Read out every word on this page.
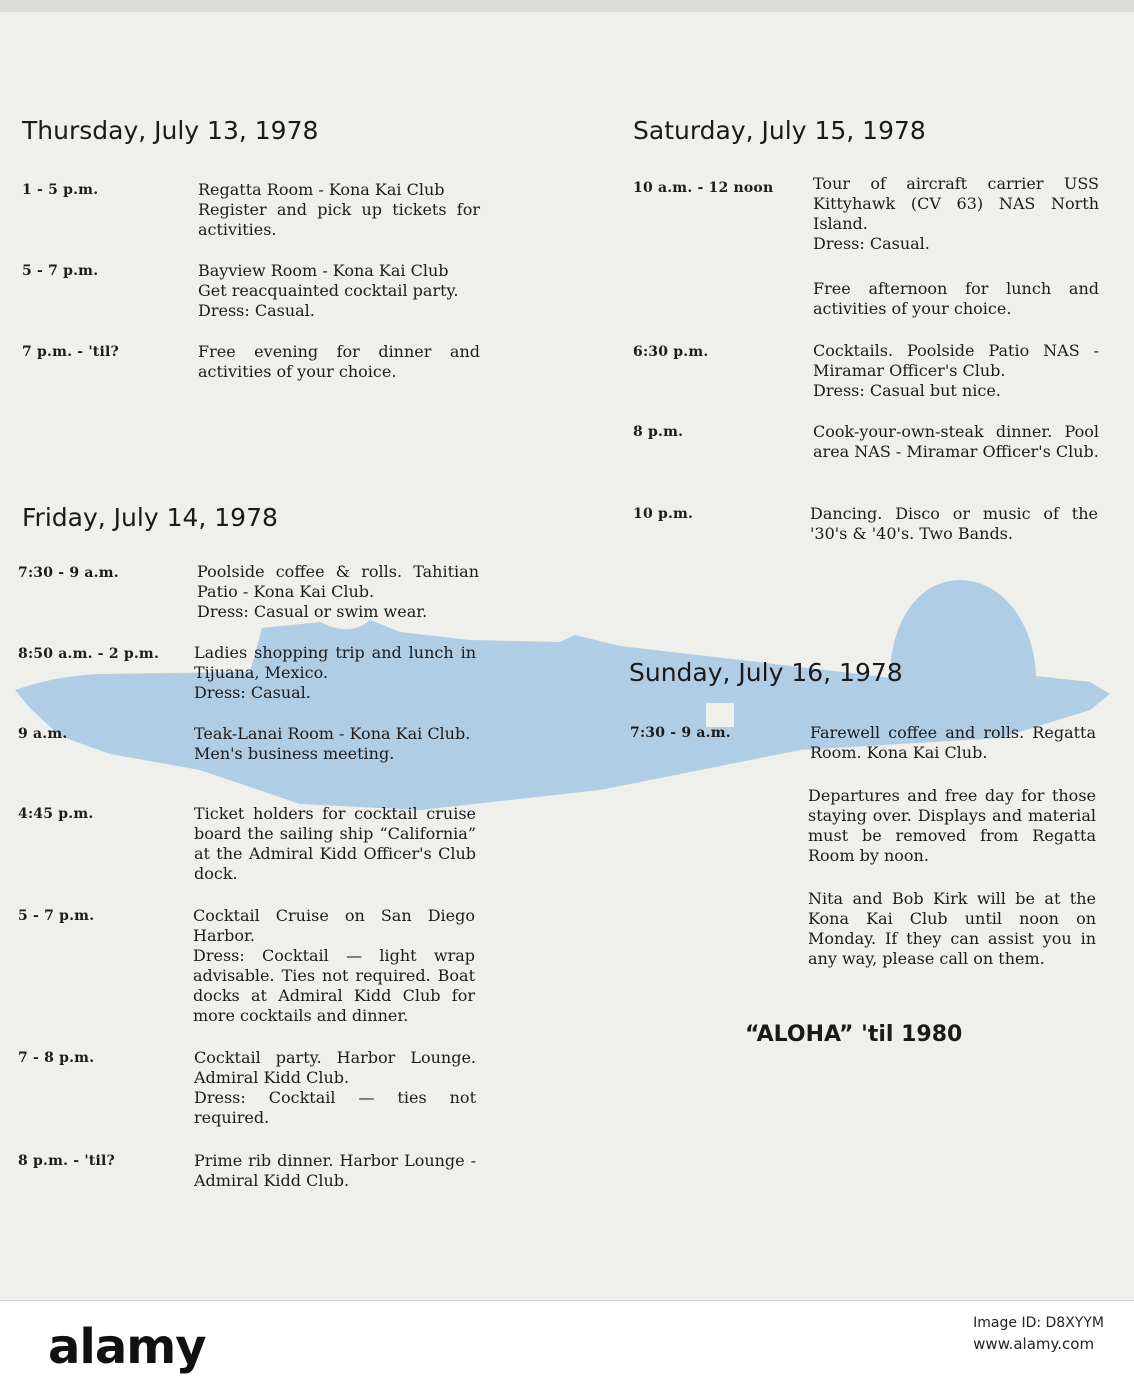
Thursday, July 13, 1978
1 - 5 p.m.	Regatta Room - Kona Kai Club

Register and pick up tickets for activities.

5 - 7 p.m.	Bayview Room - Kona Kai Club

Get reacquainted cocktail party.

Dress: Casual.

7 p.m. - 'til?	Free evening for dinner and activities of your choice.

Friday, July 14, 1978
7:30 - 9 a.m.	Poolside coffee & rolls. Tahitian Patio - Kona Kai Club.

Dress: Casual or swim wear.

8:50 a.m. - 2 p.m. Ladies shopping trip and lunch in Tijuana, Mexico.

Dress: Casual.

9 a.m.	Teak-Lanai Room - Kona Kai Club.

Men's business meeting.

4:45 p.m.	Ticket holders for cocktail cruise board the sailing ship “California” at the Admiral Kidd Officer's Club dock.

5 - 7 p.m.	Cocktail Cruise on San Diego Harbor.

Dress: Cocktail — light wrap advisable. Ties not required. Boat docks at Admiral Kidd Club for more cocktails and dinner.

7 - 8 p.m.	Cocktail party. Harbor Lounge. Admiral Kidd Club.

Dress: Cocktail — ties not required.

8 p.m. - 'til?	Prime rib dinner. Harbor Lounge - Admiral Kidd Club.

Saturday, July 15, 1978
10 a.m. - 12 noon Tour of aircraft carrier USS Kittyhawk (CV 63) NAS North Island.

Dress: Casual.

Free afternoon for lunch and activities of your choice.

6:30 p.m.	Cocktails. Poolside Patio NAS - Miramar Officer's Club.

Dress: Casual but nice.

8 p.m.	Cook-your-own-steak dinner. Pool area NAS - Miramar Officer's Club.

10 p.m.	Dancing. Disco or music of the '30's & '40's. Two Bands.

Sunday, July 16, 1978
7:30 - 9 a.m.	Farewell coffee and rolls. Regatta Room. Kona Kai Club.

Departures and free day for those staying over. Displays and material must be removed from Regatta Room by noon.

Nita and Bob Kirk will be at the Kona Kai Club until noon on Monday. If they can assist you in any way, please call on them.

“ALOHA” 'til 1980
alamy	Image ID: D8XYYM
www.alamy.com
